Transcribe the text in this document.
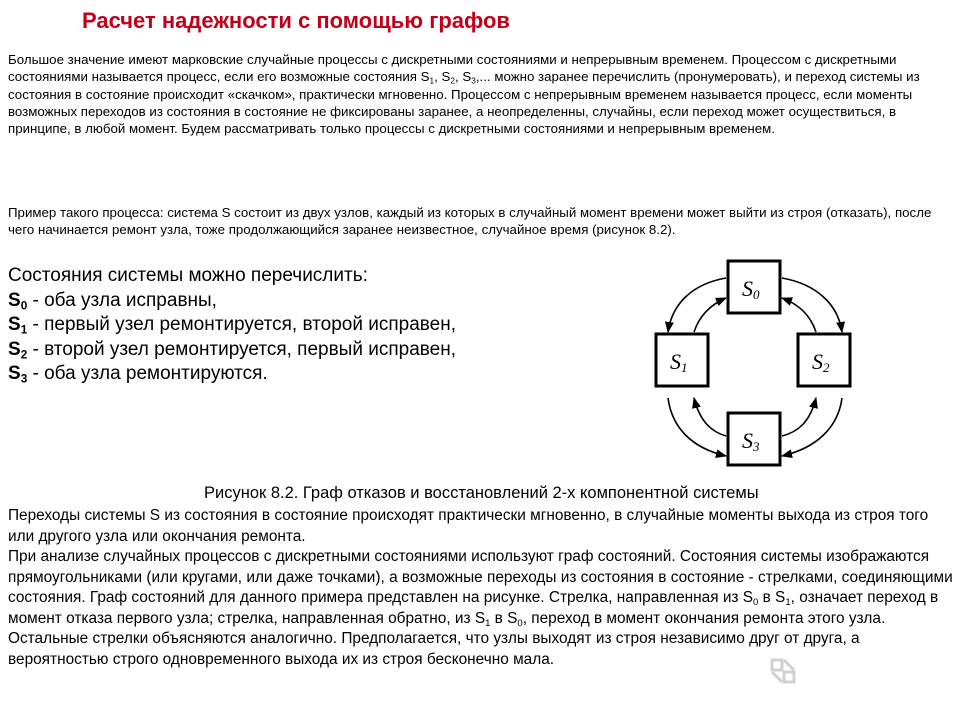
Расчет надежности с помощью графов

Большое значение имеют марковские случайные процессы с дискретными состояниями и непрерывным временем. Процессом с дискретными состояниями называется процесс, если его возможные состояния $S_1$, $S_2$, $S_3$,... можно заранее перечислить (пронумеровать), и переход системы из состояния в состояние происходит «скачком», практически мгновенно. Процессом с непрерывным временем называется процесс, если моменты возможных переходов из состояния в состояние не фиксированы заранее, а неопределенны, случайны, если переход может осуществиться, в принципе, в любой момент. Будем рассматривать только процессы с дискретными состояниями и непрерывным временем.

Пример такого процесса: система S состоит из двух узлов, каждый из которых в случайный момент времени может выйти из строя (отказать), после чего начинается ремонт узла, тоже продолжающийся заранее неизвестное, случайное время (рисунок 8.2).

Состояния системы можно перечислить:
$S_0$ - оба узла исправны,
$S_1$ - первый узел ремонтируется, второй исправен,
$S_2$ - второй узел ремонтируется, первый исправен,
$S_3$ - оба узла ремонтируются.
S0
S1	S2
S3
Рисунок 8.2. Граф отказов и восстановлений 2-х компонентной системы

Переходы системы S из состояния в состояние происходят практически мгновенно, в случайные моменты выхода из строя того или другого узла или окончания ремонта.

При анализе случайных процессов с дискретными состояниями используют граф состояний. Состояния системы изображаются прямоугольниками (или кругами, или даже точками), а возможные переходы из состояния в состояние - стрелками, соединяющими состояния. Граф состояний для данного примера представлен на рисунке. Стрелка, направленная из $S_0$ в $S_1$, означает переход в момент отказа первого узла; стрелка, направленная обратно, из $S_1$ в $S_0$, переход в момент окончания ремонта этого узла. Остальные стрелки объясняются аналогично. Предполагается, что узлы выходят из строя независимо друг от друга, а вероятностью строго одновременного выхода их из строя бесконечно мала.
